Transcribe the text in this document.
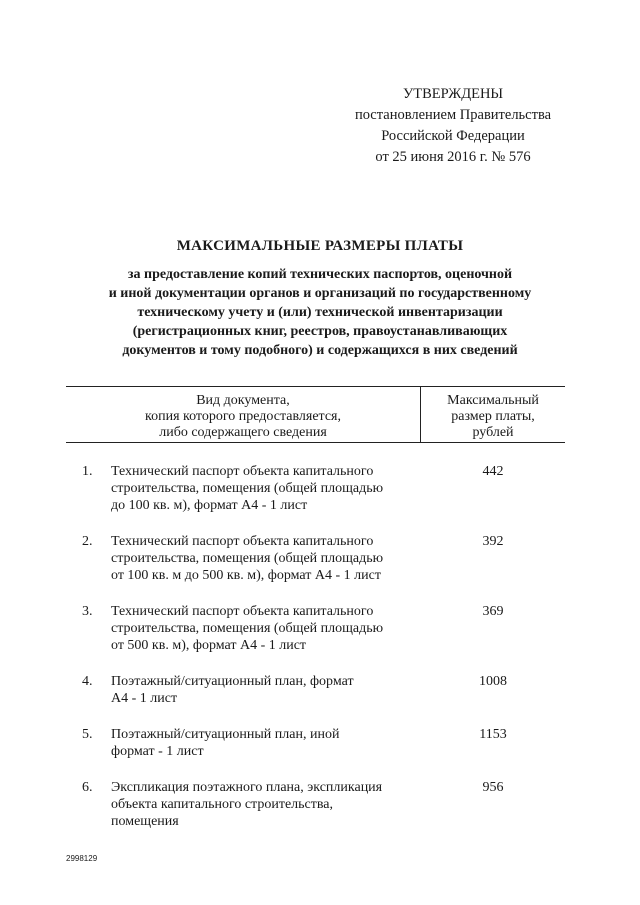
УТВЕРЖДЕНЫ
постановлением Правительства
Российской Федерации
от 25 июня 2016 г. № 576
МАКСИМАЛЬНЫЕ РАЗМЕРЫ ПЛАТЫ
за предоставление копий технических паспортов, оценочной
и иной документации органов и организаций по государственному
техническому учету и (или) технической инвентаризации
(регистрационных книг, реестров, правоустанавливающих
документов и тому подобного) и содержащихся в них сведений
Вид документа,
копия которого предоставляется,
либо содержащего сведения
Максимальный
размер платы,
рублей
1.	Технический паспорт объекта капитального
строительства, помещения (общей площадью
до 100 кв. м), формат А4 - 1 лист
442
2.	Технический паспорт объекта капитального
строительства, помещения (общей площадью
от 100 кв. м до 500 кв. м), формат А4 - 1 лист
392
3.	Технический паспорт объекта капитального
строительства, помещения (общей площадью
от 500 кв. м), формат А4 - 1 лист
369
4.	Поэтажный/ситуационный план, формат
А4 - 1 лист
1008
5.	Поэтажный/ситуационный план, иной
формат - 1 лист
1153
6.	Экспликация поэтажного плана, экспликация
объекта капитального строительства,
помещения
956
2998129
